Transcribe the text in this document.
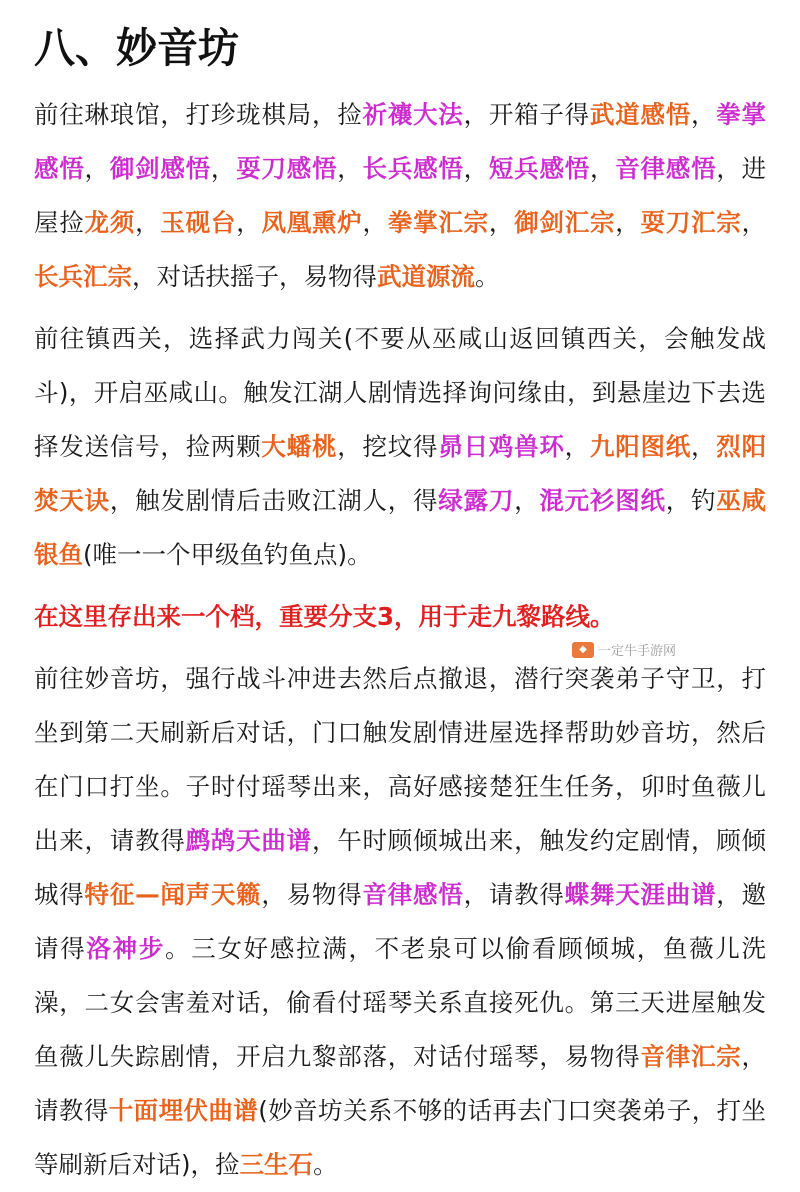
八、妙音坊

前往琳琅馆，打珍珑棋局，捡祈禳大法，开箱子得武道感悟，拳掌感悟，御剑感悟，耍刀感悟，长兵感悟，短兵感悟，音律感悟，进屋捡龙须，玉砚台，凤凰熏炉，拳掌汇宗，御剑汇宗，耍刀汇宗，长兵汇宗，对话扶摇子，易物得武道源流。

前往镇西关，选择武力闯关(不要从巫咸山返回镇西关，会触发战斗)，开启巫咸山。触发江湖人剧情选择询问缘由，到悬崖边下去选择发送信号，捡两颗大蟠桃，挖坟得昴日鸡兽环，九阳图纸，烈阳焚天诀，触发剧情后击败江湖人，得绿露刀，混元衫图纸，钓巫咸银鱼(唯一一个甲级鱼钓鱼点)。

在这里存出来一个档，重要分支3，用于走九黎路线。

前往妙音坊，强行战斗冲进去然后点撤退，潜行突袭弟子守卫，打坐到第二天刷新后对话，门口触发剧情进屋选择帮助妙音坊，然后在门口打坐。子时付瑶琴出来，高好感接楚狂生任务，卯时鱼薇儿出来，请教得鹧鸪天曲谱，午时顾倾城出来，触发约定剧情，顾倾城得特征—闻声天籁，易物得音律感悟，请教得蝶舞天涯曲谱，邀请得洛神步。三女好感拉满，不老泉可以偷看顾倾城，鱼薇儿洗澡，二女会害羞对话，偷看付瑶琴关系直接死仇。第三天进屋触发鱼薇儿失踪剧情，开启九黎部落，对话付瑶琴，易物得音律汇宗，请教得十面埋伏曲谱(妙音坊关系不够的话再去门口突袭弟子，打坐等刷新后对话)，捡三生石。

◆ 一定牛手游网
